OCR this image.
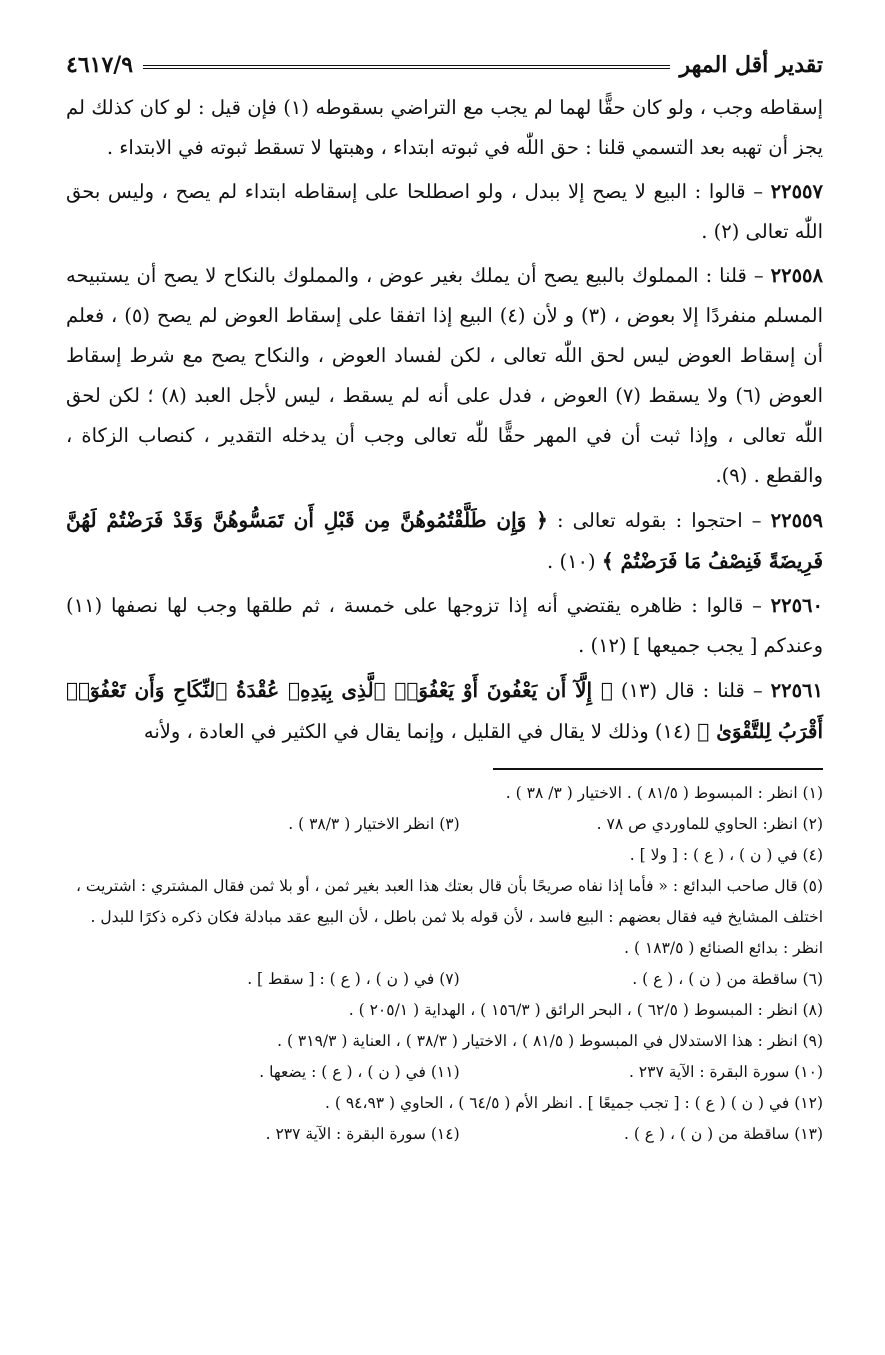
تقدير أقل المهر
٤٦١٧/٩

إسقاطه وجب ، ولو كان حقًّا لهما لم يجب مع التراضي بسقوطه (١) فإن قيل : لو كان كذلك لم يجز أن تهبه بعد التسمي قلنا : حق اللّٰه في ثبوته ابتداء ، وهبتها لا تسقط ثبوته في الابتداء .

٢٢٥٥٧ – قالوا : البيع لا يصح إلا ببدل ، ولو اصطلحا على إسقاطه ابتداء لم يصح ، وليس بحق اللّٰه تعالى (٢) .

٢٢٥٥٨ – قلنا : المملوك بالبيع يصح أن يملك بغير عوض ، والمملوك بالنكاح لا يصح أن يستبيحه المسلم منفردًا إلا بعوض ، (٣) و لأن (٤) البيع إذا اتفقا على إسقاط العوض لم يصح (٥) ، فعلم أن إسقاط العوض ليس لحق اللّٰه تعالى ، لكن لفساد العوض ، والنكاح يصح مع شرط إسقاط العوض (٦) ولا يسقط (٧) العوض ، فدل على أنه لم يسقط ، ليس لأجل العبد (٨) ؛ لكن لحق اللّٰه تعالى ، وإذا ثبت أن في المهر حقًّا للّٰه تعالى وجب أن يدخله التقدير ، كنصاب الزكاة ، والقطع . (٩).

٢٢٥٥٩ – احتجوا : بقوله تعالى : ﴿ وَإِن طَلَّقْتُمُوهُنَّ مِن قَبْلِ أَن تَمَسُّوهُنَّ وَقَدْ فَرَضْتُمْ لَهُنَّ فَرِيضَةً فَنِصْفُ مَا فَرَضْتُمْ ﴾ (١٠) .

٢٢٥٦٠ – قالوا : ظاهره يقتضي أنه إذا تزوجها على خمسة ، ثم طلقها وجب لها نصفها (١١) وعندكم [ يجب جميعها ] (١٢) .

٢٢٥٦١ – قلنا : قال (١٣) ﴿ إِلَّآ أَن يَعْفُونَ أَوْ يَعْفُوَا۟ ٱلَّذِى بِيَدِهِۦ عُقْدَةُ ٱلنِّكَاحِ وَأَن تَعْفُوٓا۟ أَقْرَبُ لِلتَّقْوَىٰ ﴾ (١٤) وذلك لا يقال في القليل ، وإنما يقال في الكثير في العادة ، ولأنه

(١) انظر : المبسوط ( ٨١/٥ ) . الاختيار ( ٣/ ٣٨ ) .

(٢) انظر: الحاوي للماوردي ص ٧٨ .

(٣) انظر الاختيار ( ٣٨/٣ ) .

(٤) في ( ن ) ، ( ع ) : [ ولا ] .

(٥) قال صاحب البدائع : « فأما إذا نفاه صريحًا بأن قال بعتك هذا العبد بغير ثمن ، أو بلا ثمن فقال المشتري : اشتريت ، اختلف المشايخ فيه فقال بعضهم : البيع فاسد ، لأن قوله بلا ثمن باطل ، لأن البيع عقد مبادلة فكان ذكره ذكرًا للبدل . انظر : بدائع الصنائع ( ١٨٣/٥ ) .

(٦) ساقطة من ( ن ) ، ( ع ) .

(٧) في ( ن ) ، ( ع ) : [ سقط ] .

(٨) انظر : المبسوط ( ٦٢/٥ ) ، البحر الرائق ( ١٥٦/٣ ) ، الهداية ( ٢٠٥/١ ) .

(٩) انظر : هذا الاستدلال في المبسوط ( ٨١/٥ ) ، الاختيار ( ٣٨/٣ ) ، العناية ( ٣١٩/٣ ) .

(١٠) سورة البقرة : الآية ٢٣٧ .

(١١) في ( ن ) ، ( ع ) : يضعها .

(١٢) في ( ن ) ( ع ) : [ تجب جميعًا ] . انظر الأم ( ٦٤/٥ ) ، الحاوي ( ٩٤،٩٣ ) .

(١٣) ساقطة من ( ن ) ، ( ع ) .

(١٤) سورة البقرة : الآية ٢٣٧ .
